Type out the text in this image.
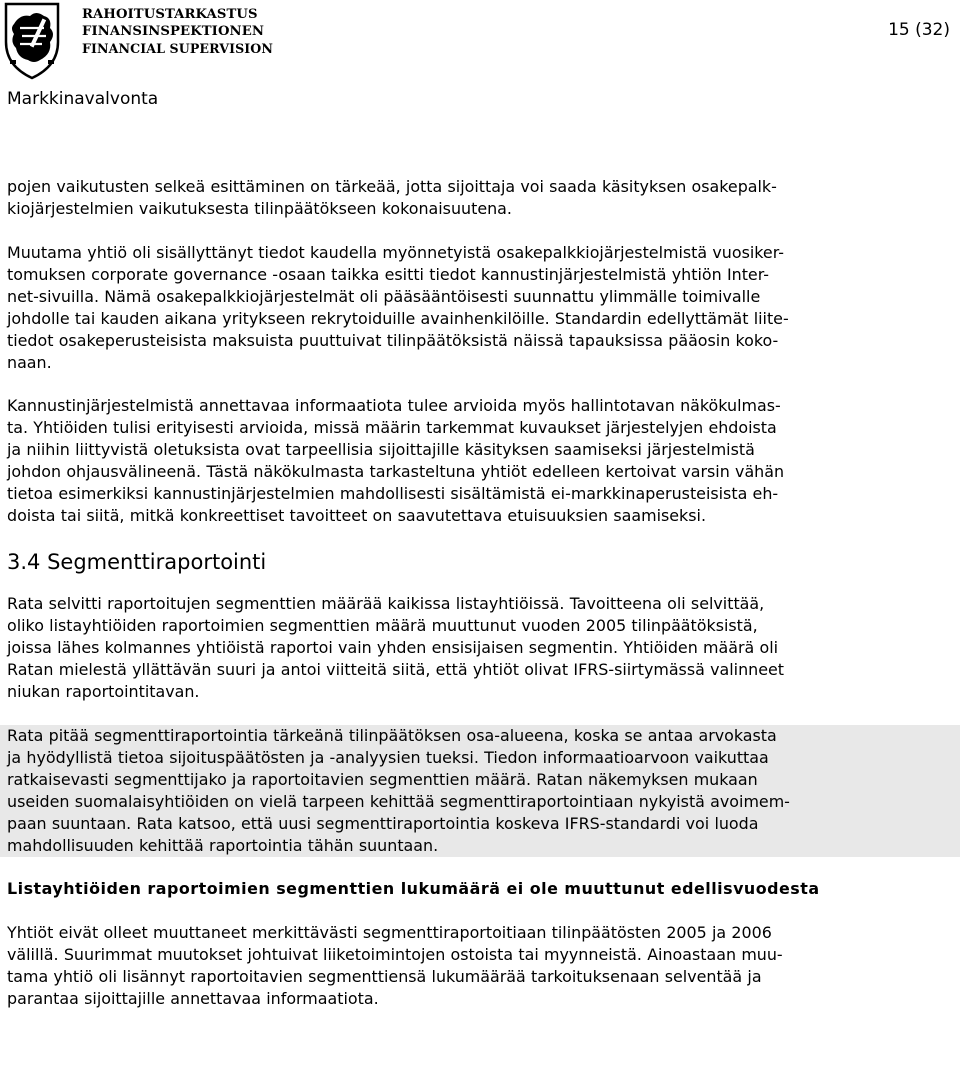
RAHOITUSTARKASTUS
FINANSINSPEKTIONEN
FINANCIAL SUPERVISION
Markkinavalvonta
15 (32)

pojen vaikutusten selkeä esittäminen on tärkeää, jotta sijoittaja voi saada käsityksen osakepalk-
kiojärjestelmien vaikutuksesta tilinpäätökseen kokonaisuutena.

Muutama yhtiö oli sisällyttänyt tiedot kaudella myönnetyistä osakepalkkiojärjestelmistä vuosiker-
tomuksen corporate governance -osaan taikka esitti tiedot kannustinjärjestelmistä yhtiön Inter-
net-sivuilla. Nämä osakepalkkiojärjestelmät oli pääsääntöisesti suunnattu ylimmälle toimivalle
johdolle tai kauden aikana yritykseen rekrytoiduille avainhenkilöille. Standardin edellyttämät liite-
tiedot osakeperusteisista maksuista puuttuivat tilinpäätöksistä näissä tapauksissa pääosin koko-
naan.

Kannustinjärjestelmistä annettavaa informaatiota tulee arvioida myös hallintotavan näkökulmas-
ta. Yhtiöiden tulisi erityisesti arvioida, missä määrin tarkemmat kuvaukset järjestelyjen ehdoista
ja niihin liittyvistä oletuksista ovat tarpeellisia sijoittajille käsityksen saamiseksi järjestelmistä
johdon ohjausvälineenä. Tästä näkökulmasta tarkasteltuna yhtiöt edelleen kertoivat varsin vähän
tietoa esimerkiksi kannustinjärjestelmien mahdollisesti sisältämistä ei-markkinaperusteisista eh-
doista tai siitä, mitkä konkreettiset tavoitteet on saavutettava etuisuuksien saamiseksi.

3.4 Segmenttiraportointi

Rata selvitti raportoitujen segmenttien määrää kaikissa listayhtiöissä. Tavoitteena oli selvittää,
oliko listayhtiöiden raportoimien segmenttien määrä muuttunut vuoden 2005 tilinpäätöksistä,
joissa lähes kolmannes yhtiöistä raportoi vain yhden ensisijaisen segmentin. Yhtiöiden määrä oli
Ratan mielestä yllättävän suuri ja antoi viitteitä siitä, että yhtiöt olivat IFRS-siirtymässä valinneet
niukan raportointitavan.

Rata pitää segmenttiraportointia tärkeänä tilinpäätöksen osa-alueena, koska se antaa arvokasta
ja hyödyllistä tietoa sijoituspäätösten ja -analyysien tueksi. Tiedon informaatioarvoon vaikuttaa
ratkaisevasti segmenttijako ja raportoitavien segmenttien määrä. Ratan näkemyksen mukaan
useiden suomalaisyhtiöiden on vielä tarpeen kehittää segmenttiraportointiaan nykyistä avoimem-
paan suuntaan. Rata katsoo, että uusi segmenttiraportointia koskeva IFRS-standardi voi luoda
mahdollisuuden kehittää raportointia tähän suuntaan.

Listayhtiöiden raportoimien segmenttien lukumäärä ei ole muuttunut edellisvuodesta

Yhtiöt eivät olleet muuttaneet merkittävästi segmenttiraportoitiaan tilinpäätösten 2005 ja 2006
välillä. Suurimmat muutokset johtuivat liiketoimintojen ostoista tai myynneistä. Ainoastaan muu-
tama yhtiö oli lisännyt raportoitavien segmenttiensä lukumäärää tarkoituksenaan selventää ja
parantaa sijoittajille annettavaa informaatiota.
